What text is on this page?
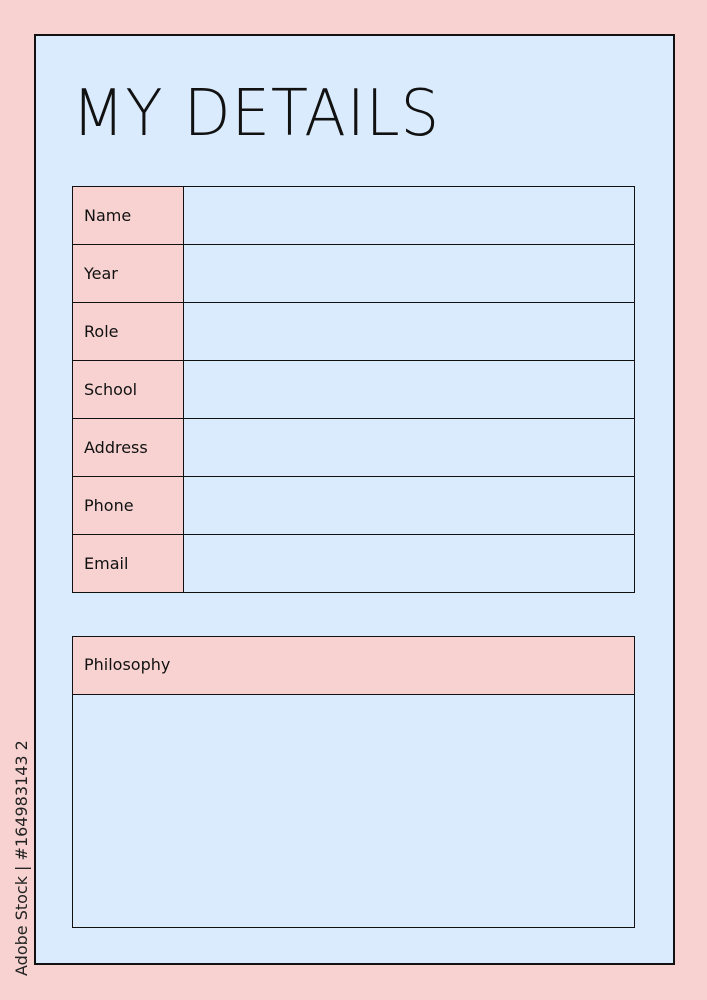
MY DETAILS
Name	
Year	
Role	
School	
Address	
Phone	
Email	
Philosophy
Adobe Stock | #164983143 2
